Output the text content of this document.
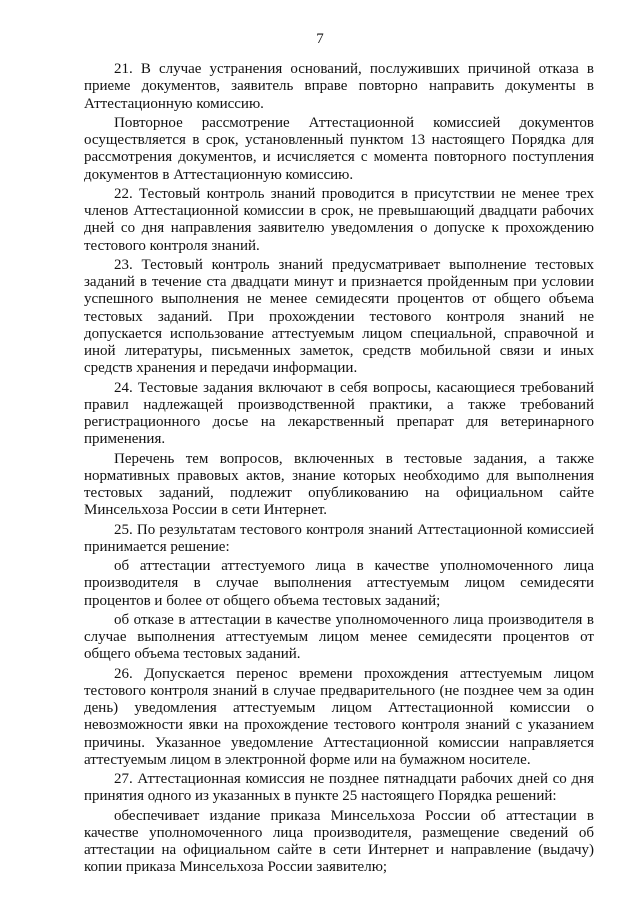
7

21. В случае устранения оснований, послуживших причиной отказа в приеме документов, заявитель вправе повторно направить документы в Аттестационную комиссию.

Повторное рассмотрение Аттестационной комиссией документов осуществляется в срок, установленный пунктом 13 настоящего Порядка для рассмотрения документов, и исчисляется с момента повторного поступления документов в Аттестационную комиссию.

22. Тестовый контроль знаний проводится в присутствии не менее трех членов Аттестационной комиссии в срок, не превышающий двадцати рабочих дней со дня направления заявителю уведомления о допуске к прохождению тестового контроля знаний.

23. Тестовый контроль знаний предусматривает выполнение тестовых заданий в течение ста двадцати минут и признается пройденным при условии успешного выполнения не менее семидесяти процентов от общего объема тестовых заданий. При прохождении тестового контроля знаний не допускается использование аттестуемым лицом специальной, справочной и иной литературы, письменных заметок, средств мобильной связи и иных средств хранения и передачи информации.

24. Тестовые задания включают в себя вопросы, касающиеся требований правил надлежащей производственной практики, а также требований регистрационного досье на лекарственный препарат для ветеринарного применения.

Перечень тем вопросов, включенных в тестовые задания, а также нормативных правовых актов, знание которых необходимо для выполнения тестовых заданий, подлежит опубликованию на официальном сайте Минсельхоза России в сети Интернет.

25. По результатам тестового контроля знаний Аттестационной комиссией принимается решение:

об аттестации аттестуемого лица в качестве уполномоченного лица производителя в случае выполнения аттестуемым лицом семидесяти процентов и более от общего объема тестовых заданий;

об отказе в аттестации в качестве уполномоченного лица производителя в случае выполнения аттестуемым лицом менее семидесяти процентов от общего объема тестовых заданий.

26. Допускается перенос времени прохождения аттестуемым лицом тестового контроля знаний в случае предварительного (не позднее чем за один день) уведомления аттестуемым лицом Аттестационной комиссии о невозможности явки на прохождение тестового контроля знаний с указанием причины. Указанное уведомление Аттестационной комиссии направляется аттестуемым лицом в электронной форме или на бумажном носителе.

27. Аттестационная комиссия не позднее пятнадцати рабочих дней со дня принятия одного из указанных в пункте 25 настоящего Порядка решений:

обеспечивает издание приказа Минсельхоза России об аттестации в качестве уполномоченного лица производителя, размещение сведений об аттестации на официальном сайте в сети Интернет и направление (выдачу) копии приказа Минсельхоза России заявителю;
